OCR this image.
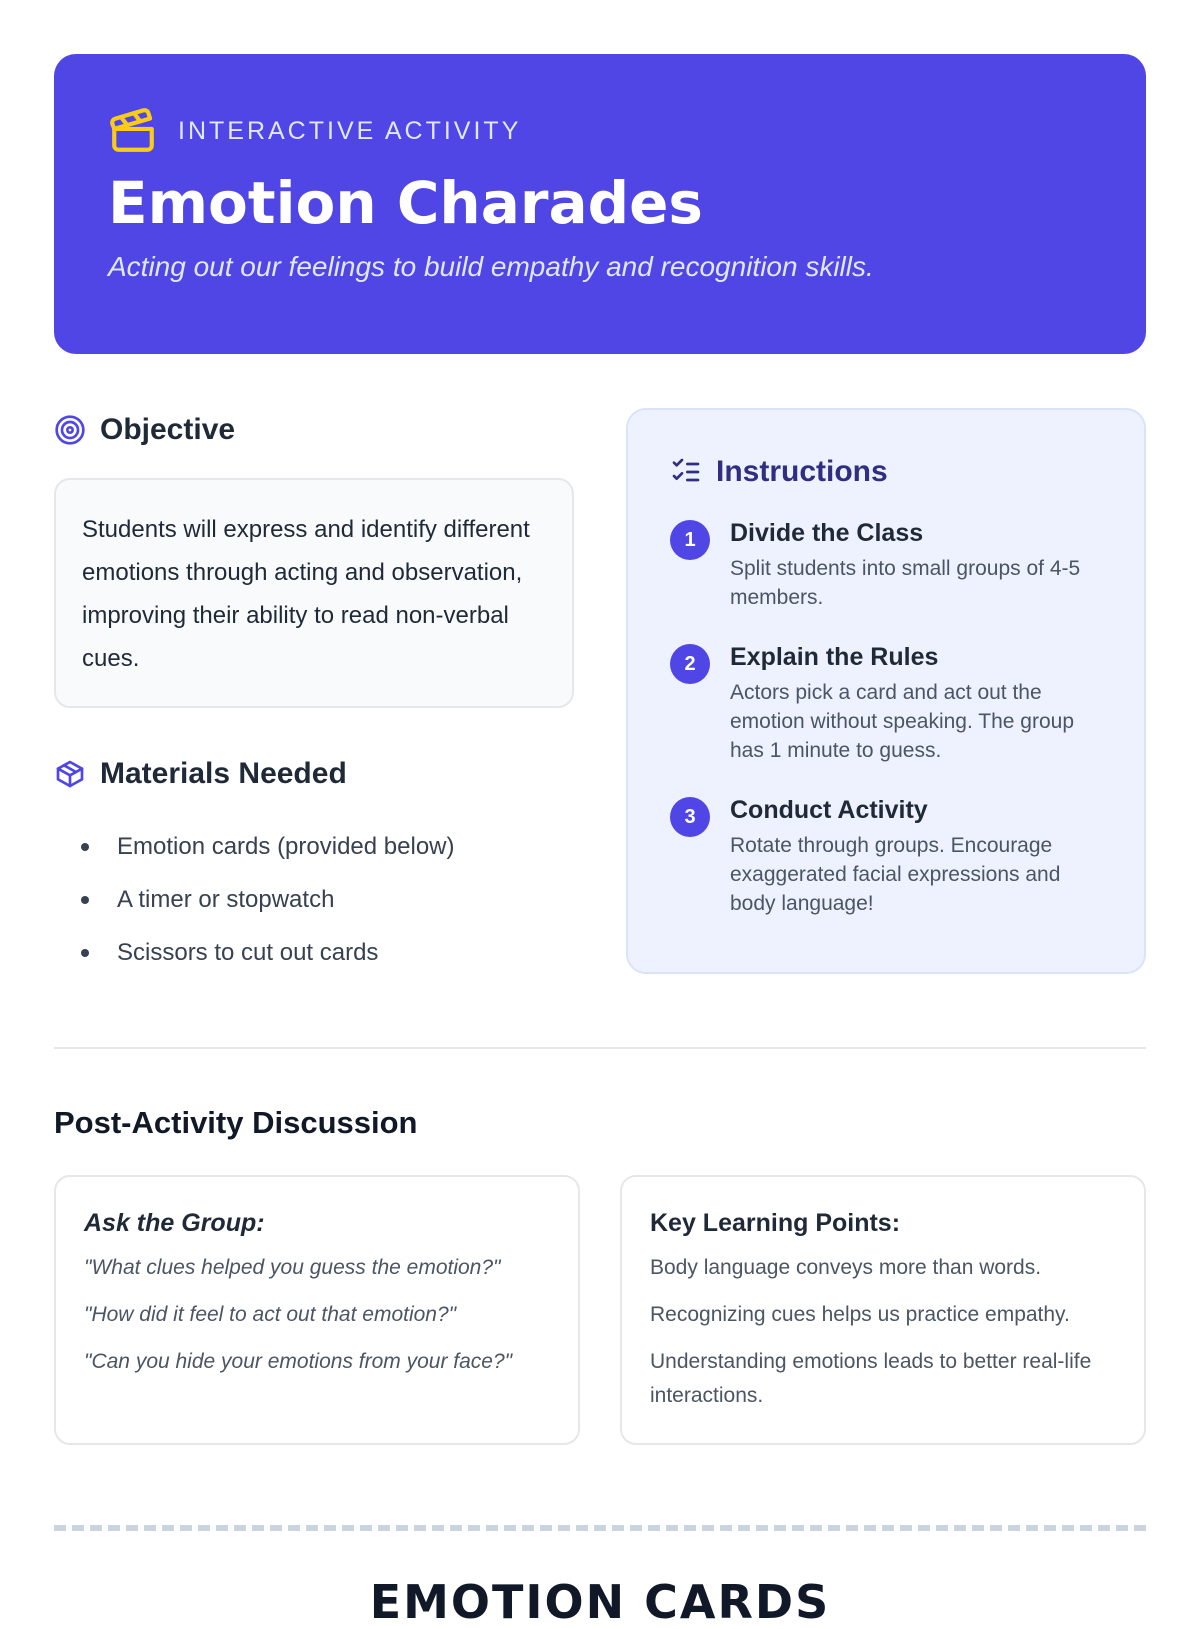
INTERACTIVE ACTIVITY
Emotion Charades

Acting out our feelings to build empathy and recognition skills.

Objective
Students will express and identify different emotions through acting and observation, improving their ability to read non-verbal cues.
Materials Needed
Emotion cards (provided below)
A timer or stopwatch
Scissors to cut out cards
Instructions
1	Divide the Class
Split students into small groups of 4-5 members.
2	Explain the Rules
Actors pick a card and act out the emotion without speaking. The group has 1 minute to guess.
3	Conduct Activity
Rotate through groups. Encourage exaggerated facial expressions and body language!
Post-Activity Discussion
Ask the Group:

"What clues helped you guess the emotion?"

"How did it feel to act out that emotion?"

"Can you hide your emotions from your face?"

Key Learning Points:

Body language conveys more than words.

Recognizing cues helps us practice empathy.

Understanding emotions leads to better real-life interactions.

EMOTION CARDS
